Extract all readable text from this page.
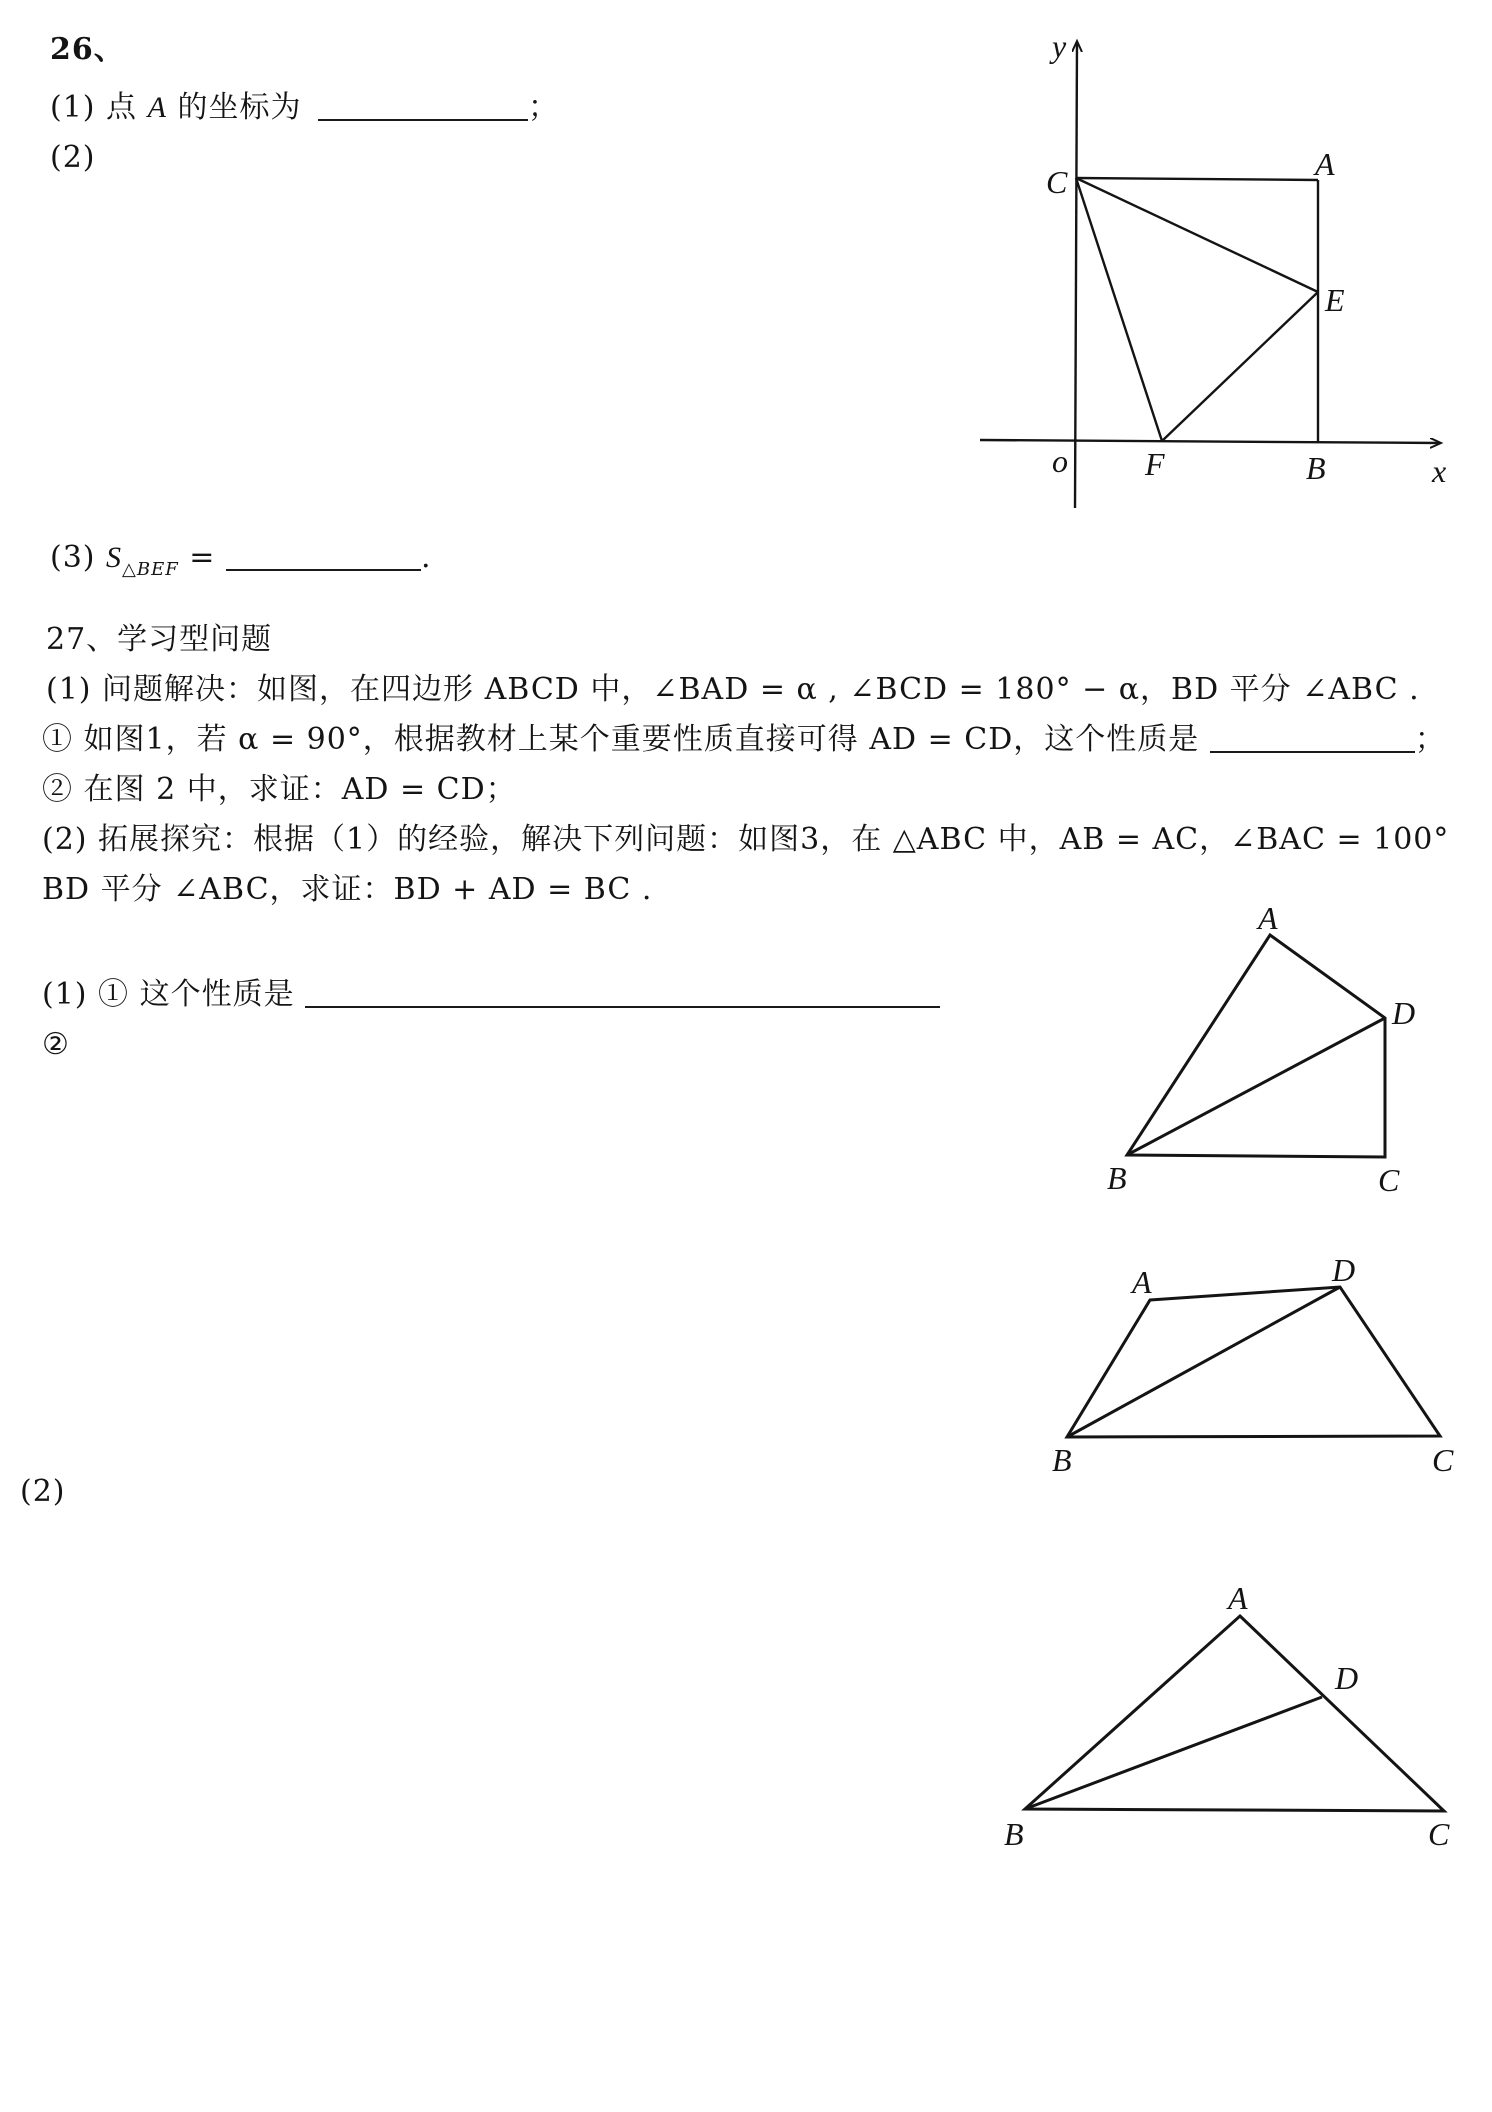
26、
(1) 点 A 的坐标为	；
(2)
(3) $S_{\triangle BEF}$ =	.
27、学习型问题
(1) 问题解决：如图，在四边形 ABCD 中，∠BAD = α , ∠BCD = 180° − α，BD 平分 ∠ABC .
① 如图1，若 α = 90°，根据教材上某个重要性质直接可得 AD = CD，这个性质是	；
② 在图 2 中，求证：AD = CD；
(2) 拓展探究：根据（1）的经验，解决下列问题：如图3，在 △ABC 中，AB = AC，∠BAC = 100°
BD 平分 ∠ABC，求证：BD + AD = BC .
(1) ① 这个性质是
②
(2)
y
x
o
A
C
E
F	B
A
D
B	C
A	D
B	C
A
D
B	C
